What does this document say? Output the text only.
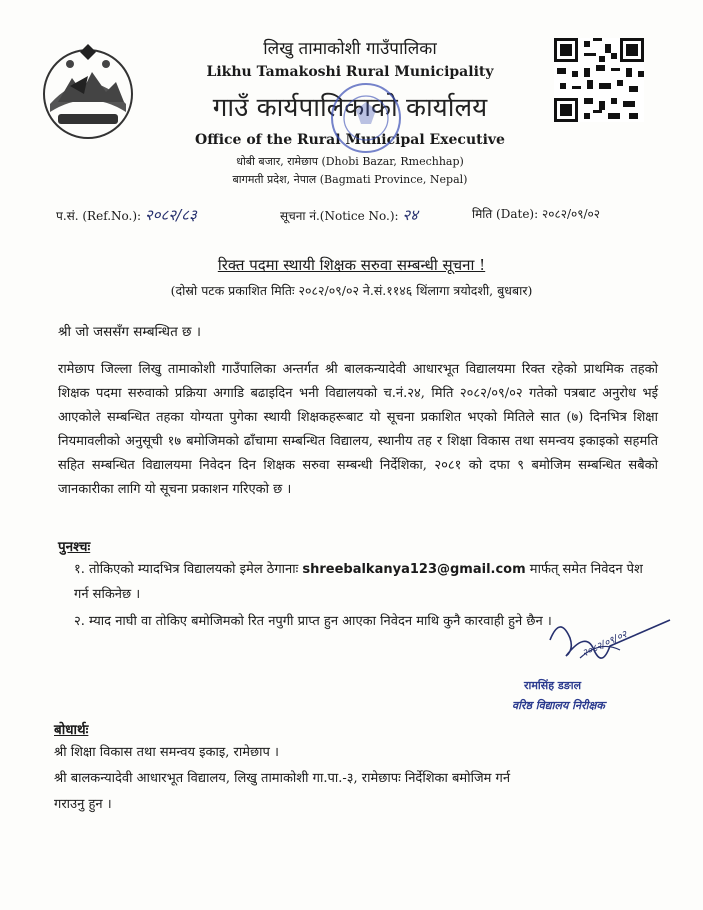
लिखु तामाकोशी गाउँपालिका
Likhu Tamakoshi Rural Municipality
गाउँ कार्यपालिकाको कार्यालय
Office of the Rural Municipal Executive
धोबी बजार, रामेछाप (Dhobi Bazar, Rmechhap)
बागमती प्रदेश, नेपाल (Bagmati Province, Nepal)
प.सं. (Ref.No.): २०८२/८३	सूचना नं.(Notice No.): २४	मिति (Date): २०८२/०९/०२
रिक्त पदमा स्थायी शिक्षक सरुवा सम्बन्धी सूचना !
(दोस्रो पटक प्रकाशित मितिः २०८२/०९/०२ ने.सं.११४६ थिंलागा त्रयोदशी, बुधबार)
श्री जो जससँग सम्बन्धित छ ।
रामेछाप जिल्ला लिखु तामाकोशी गाउँपालिका अन्तर्गत श्री बालकन्यादेवी आधारभूत विद्यालयमा रिक्त रहेको प्राथमिक तहको शिक्षक पदमा सरुवाको प्रक्रिया अगाडि बढाइदिन भनी विद्यालयको च.नं.२४, मिति २०८२/०९/०२ गतेको पत्रबाट अनुरोध भई आएकोले सम्बन्धित तहका योग्यता पुगेका स्थायी शिक्षकहरूबाट यो सूचना प्रकाशित भएको मितिले सात (७) दिनभित्र शिक्षा नियमावलीको अनुसूची १७ बमोजिमको ढाँचामा सम्बन्धित विद्यालय, स्थानीय तह र शिक्षा विकास तथा समन्वय इकाइको सहमति सहित सम्बन्धित विद्यालयमा निवेदन दिन शिक्षक सरुवा सम्बन्धी निर्देशिका, २०८१ को दफा ९ बमोजिम सम्बन्धित सबैको जानकारीका लागि यो सूचना प्रकाशन गरिएको छ ।
पुनश्चः
१. तोकिएको म्यादभित्र विद्यालयको इमेल ठेगानाः shreebalkanya123@gmail.com मार्फत् समेत निवेदन पेश गर्न सकिनेछ ।
२. म्याद नाघी वा तोकिए बमोजिमको रित नपुगी प्राप्त हुन आएका निवेदन माथि कुनै कारवाही हुने छैन ।
२०८२/०९/०२
रामसिंह डङाल
वरिष्ठ विद्यालय निरीक्षक
बोधार्थः
श्री शिक्षा विकास तथा समन्वय इकाइ, रामेछाप ।
श्री बालकन्यादेवी आधारभूत विद्यालय, लिखु तामाकोशी गा.पा.-३, रामेछापः निर्देशिका बमोजिम गर्न
गराउनु हुन ।
